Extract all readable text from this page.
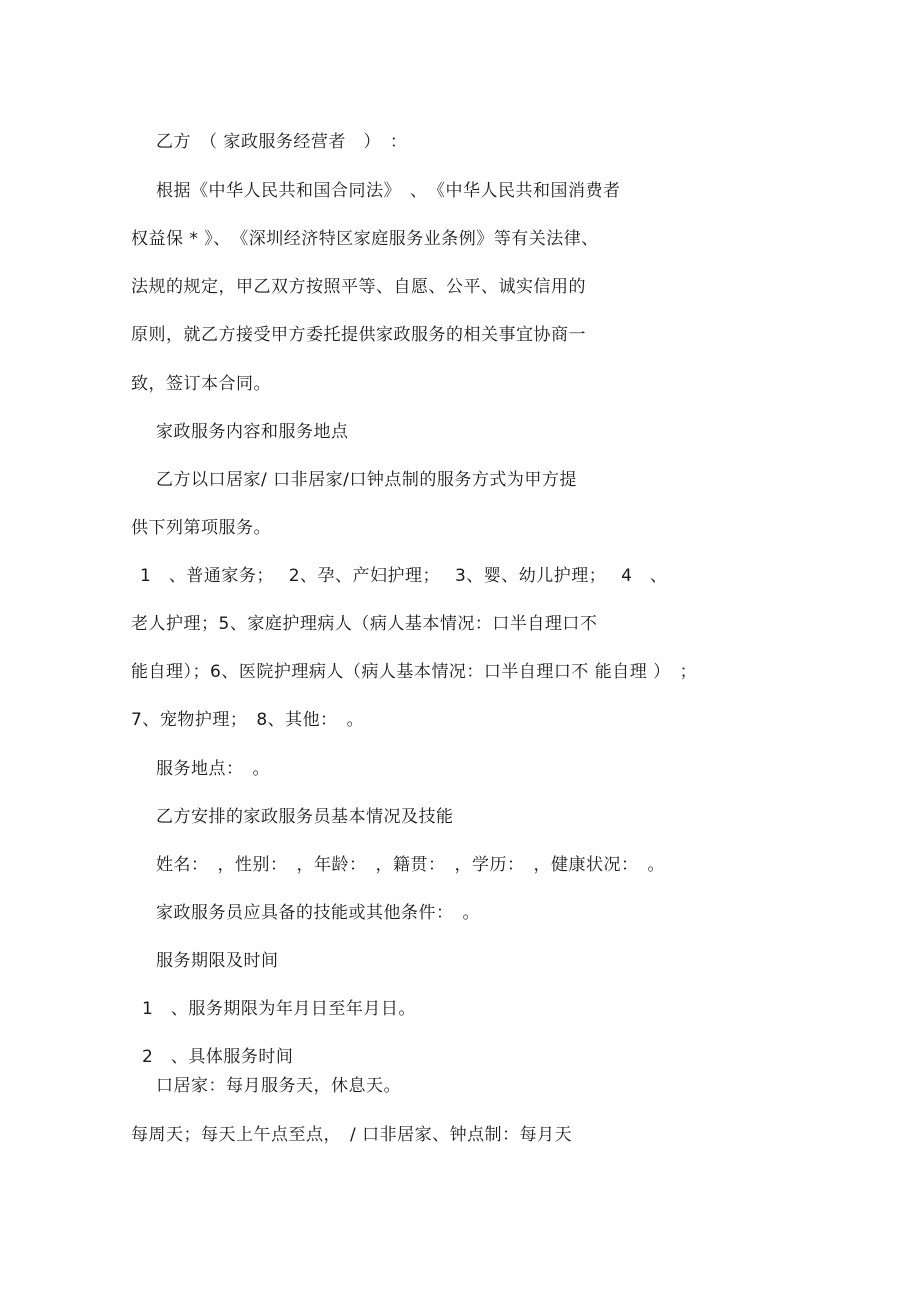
乙方　（ 家政服务经营者　）　：
根据《中华人民共和国合同法》　、　《中华人民共和国消费者
权益保 * 》、　《深圳经济特区家庭服务业条例》等有关法律、
法规的规定，甲乙双方按照平等、自愿、公平、诚实信用的
原则，就乙方接受甲方委托提供家政服务的相关事宜协商一
致，签订本合同。
家政服务内容和服务地点
乙方以口居家/ 口非居家/口钟点制的服务方式为甲方提
供下列第项服务。
1　、普通家务；　 2、孕、产妇护理；　 3、婴、幼儿护理；　 4　、
老人护理；5、家庭护理病人（病人基本情况：口半自理口不
能自理）；6、医院护理病人（病人基本情况：口半自理口不 能自理 ）　；
7、宠物护理；　8、其他：　。
服务地点：　。
乙方安排的家政服务员基本情况及技能
姓名：　，性别：　，年龄：　，籍贯：　，学历：　，健康状况：　。
家政服务员应具备的技能或其他条件：　。
服务期限及时间
1　、服务期限为年月日至年月日。
2　、具体服务时间
口居家：每月服务天，休息天。
每周天；每天上午点至点，　/ 口非居家、钟点制：每月天
